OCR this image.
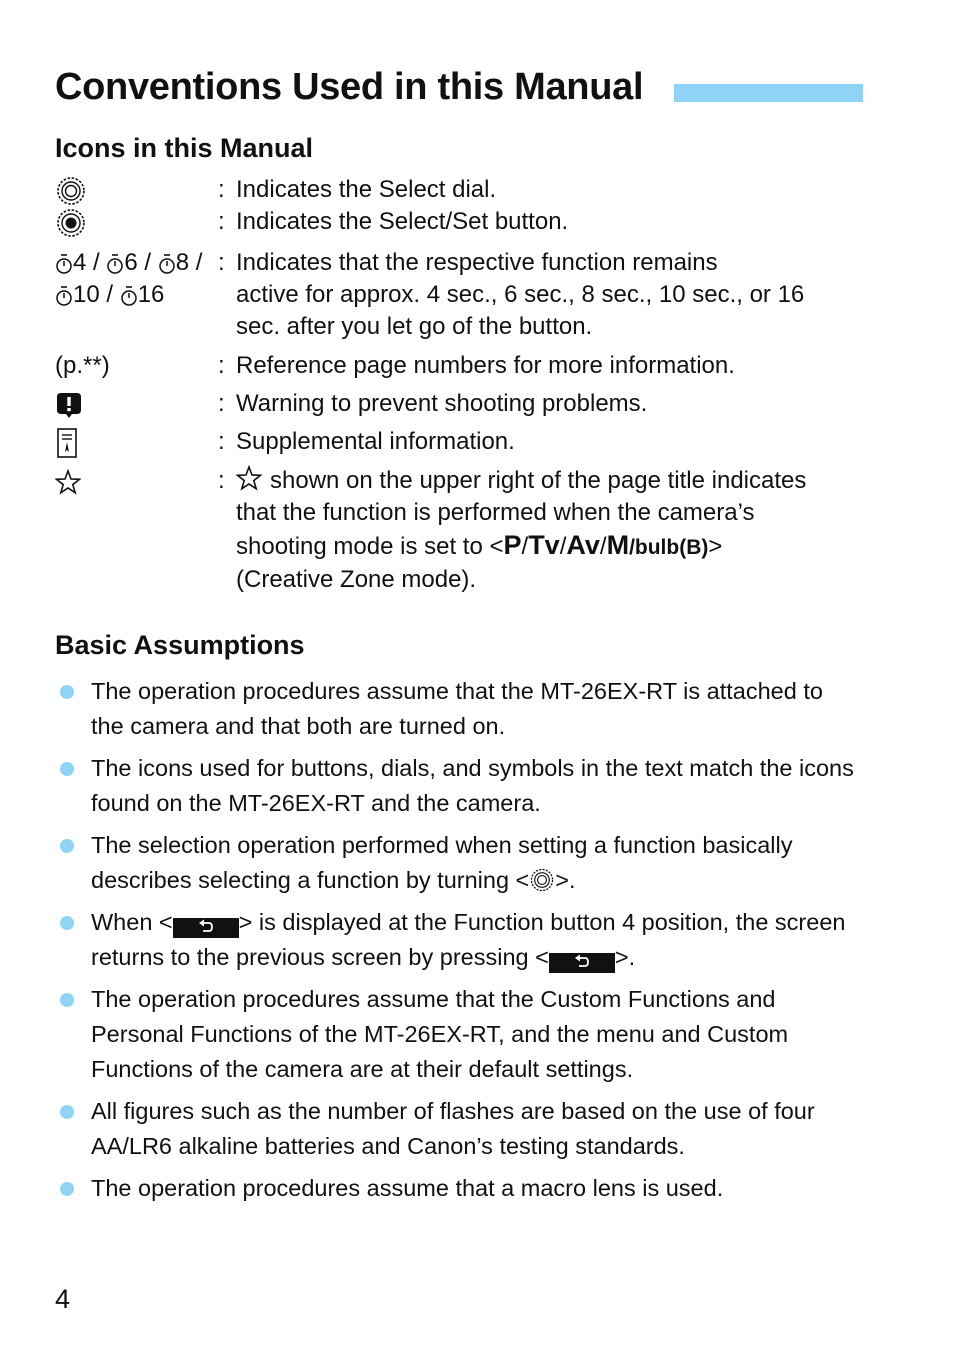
Conventions Used in this Manual
Icons in this Manual
: Indicates the Select dial.
: Indicates the Select/Set button.
4 / 6 / 8 /
10 / 16
: Indicates that the respective function remains
active for approx. 4 sec., 6 sec., 8 sec., 10 sec., or 16
sec. after you let go of the button.
(p.**)	: Reference page numbers for more information.
: Warning to prevent shooting problems.
: Supplemental information.
:	shown on the upper right of the page title indicates
that the function is performed when the camera’s
shooting mode is set to <P/Tv/Av/M/bulb(B)>
(Creative Zone mode).
Basic Assumptions
The operation procedures assume that the MT-26EX-RT is attached to
the camera and that both are turned on.
The icons used for buttons, dials, and symbols in the text match the icons
found on the MT-26EX-RT and the camera.
The selection operation performed when setting a function basically
describes selecting a function by turning < >.
When <	> is displayed at the Function button 4 position, the screen
returns to the previous screen by pressing <	>.
The operation procedures assume that the Custom Functions and
Personal Functions of the MT-26EX-RT, and the menu and Custom
Functions of the camera are at their default settings.
All figures such as the number of flashes are based on the use of four
AA/LR6 alkaline batteries and Canon’s testing standards.
The operation procedures assume that a macro lens is used.
4
